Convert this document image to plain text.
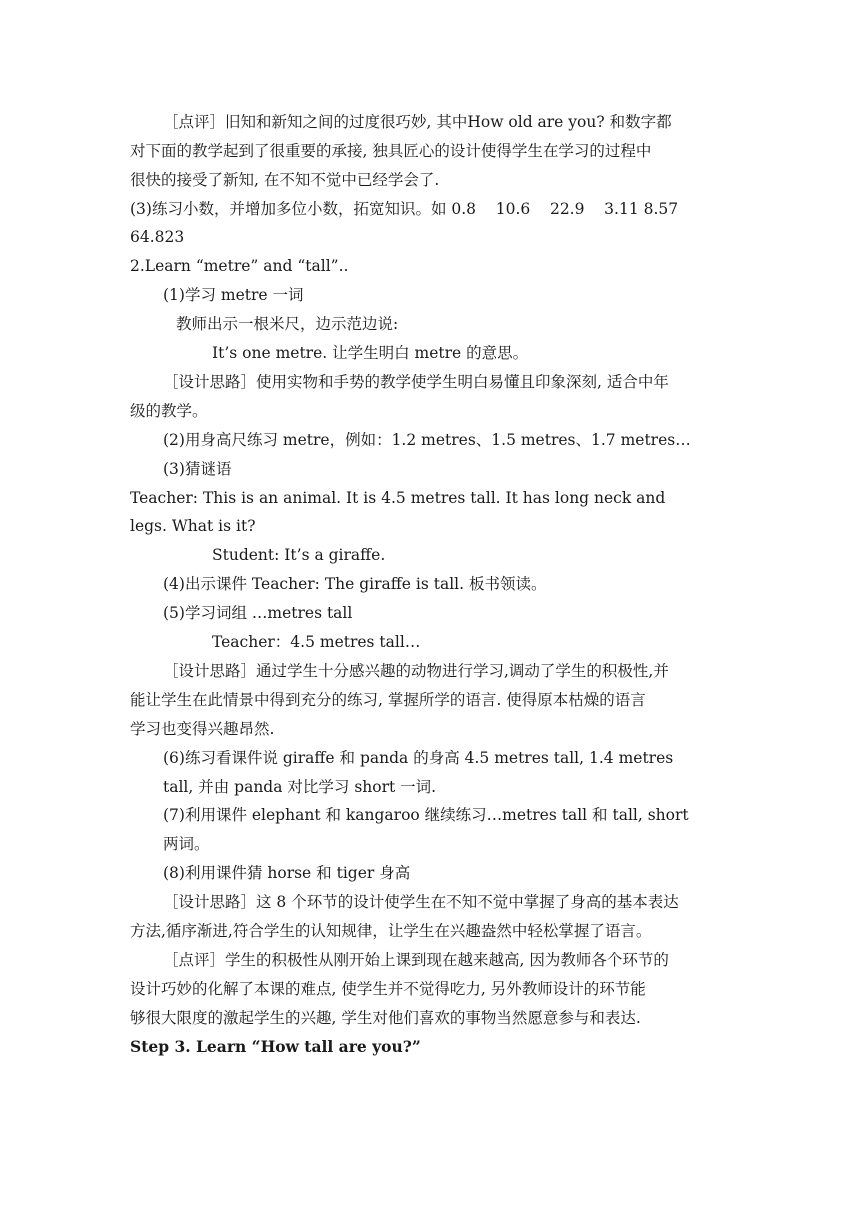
［点评］旧知和新知之间的过度很巧妙, 其中How old are you? 和数字都
对下面的教学起到了很重要的承接, 独具匠心的设计使得学生在学习的过程中
很快的接受了新知, 在不知不觉中已经学会了.
(3)练习小数，并增加多位小数，拓宽知识。如 0.8    10.6    22.9    3.11 8.57
64.823
2.Learn “metre” and “tall”..
(1)学习 metre 一词
教师出示一根米尺，边示范边说:
It’s one metre. 让学生明白 metre 的意思。
［设计思路］使用实物和手势的教学使学生明白易懂且印象深刻, 适合中年
级的教学。
(2)用身高尺练习 metre，例如：1.2 metres、1.5 metres、1.7 metres…
(3)猜谜语
Teacher: This is an animal. It is 4.5 metres tall. It has long neck and
legs. What is it?
Student: It’s a giraffe.
(4)出示课件 Teacher: The giraffe is tall. 板书领读。
(5)学习词组 …metres tall
Teacher：4.5 metres tall…
［设计思路］通过学生十分感兴趣的动物进行学习,调动了学生的积极性,并
能让学生在此情景中得到充分的练习, 掌握所学的语言. 使得原本枯燥的语言
学习也变得兴趣昂然.
(6)练习看课件说 giraffe 和 panda 的身高 4.5 metres tall, 1.4 metres
tall, 并由 panda 对比学习 short 一词.
(7)利用课件 elephant 和 kangaroo 继续练习…metres tall 和 tall, short
两词。
(8)利用课件猜 horse 和 tiger 身高
［设计思路］这 8 个环节的设计使学生在不知不觉中掌握了身高的基本表达
方法,循序渐进,符合学生的认知规律，让学生在兴趣盎然中轻松掌握了语言。
［点评］学生的积极性从刚开始上课到现在越来越高, 因为教师各个环节的
设计巧妙的化解了本课的难点, 使学生并不觉得吃力, 另外教师设计的环节能
够很大限度的激起学生的兴趣, 学生对他们喜欢的事物当然愿意参与和表达.
Step 3. Learn “How tall are you?”
